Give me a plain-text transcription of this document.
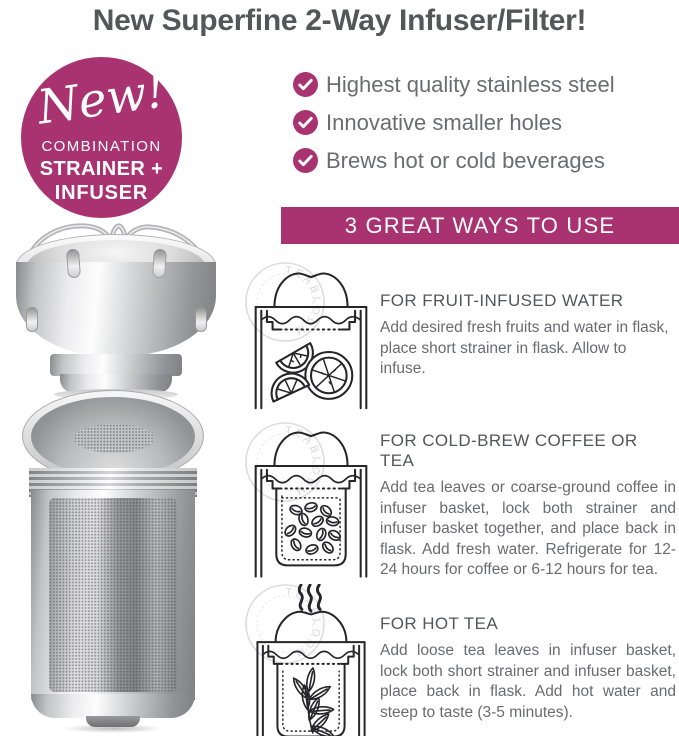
New Superfine 2-Way Infuser/Filter!
New!
COMBINATION
STRAINER +
INFUSER
Highest quality stainless steel
Innovative smaller holes
Brews hot or cold beverages
3 GREAT WAYS TO USE
TEABLOOM
FOR FRUIT-INFUSED WATER
Add desired fresh fruits and water in flask, place short strainer in flask. Allow to infuse.
TEABLOOM
FOR COLD-BREW COFFEE OR TEA
Add tea leaves or coarse-ground coffee in infuser basket, lock both strainer and infuser basket together, and place back in flask. Add fresh water. Refrigerate for 12-24 hours for coffee or 6-12 hours for tea.
TEABLOOM
FOR HOT TEA
Add loose tea leaves in infuser basket, lock both short strainer and infuser basket, place back in flask. Add hot water and steep to taste (3-5 minutes).
